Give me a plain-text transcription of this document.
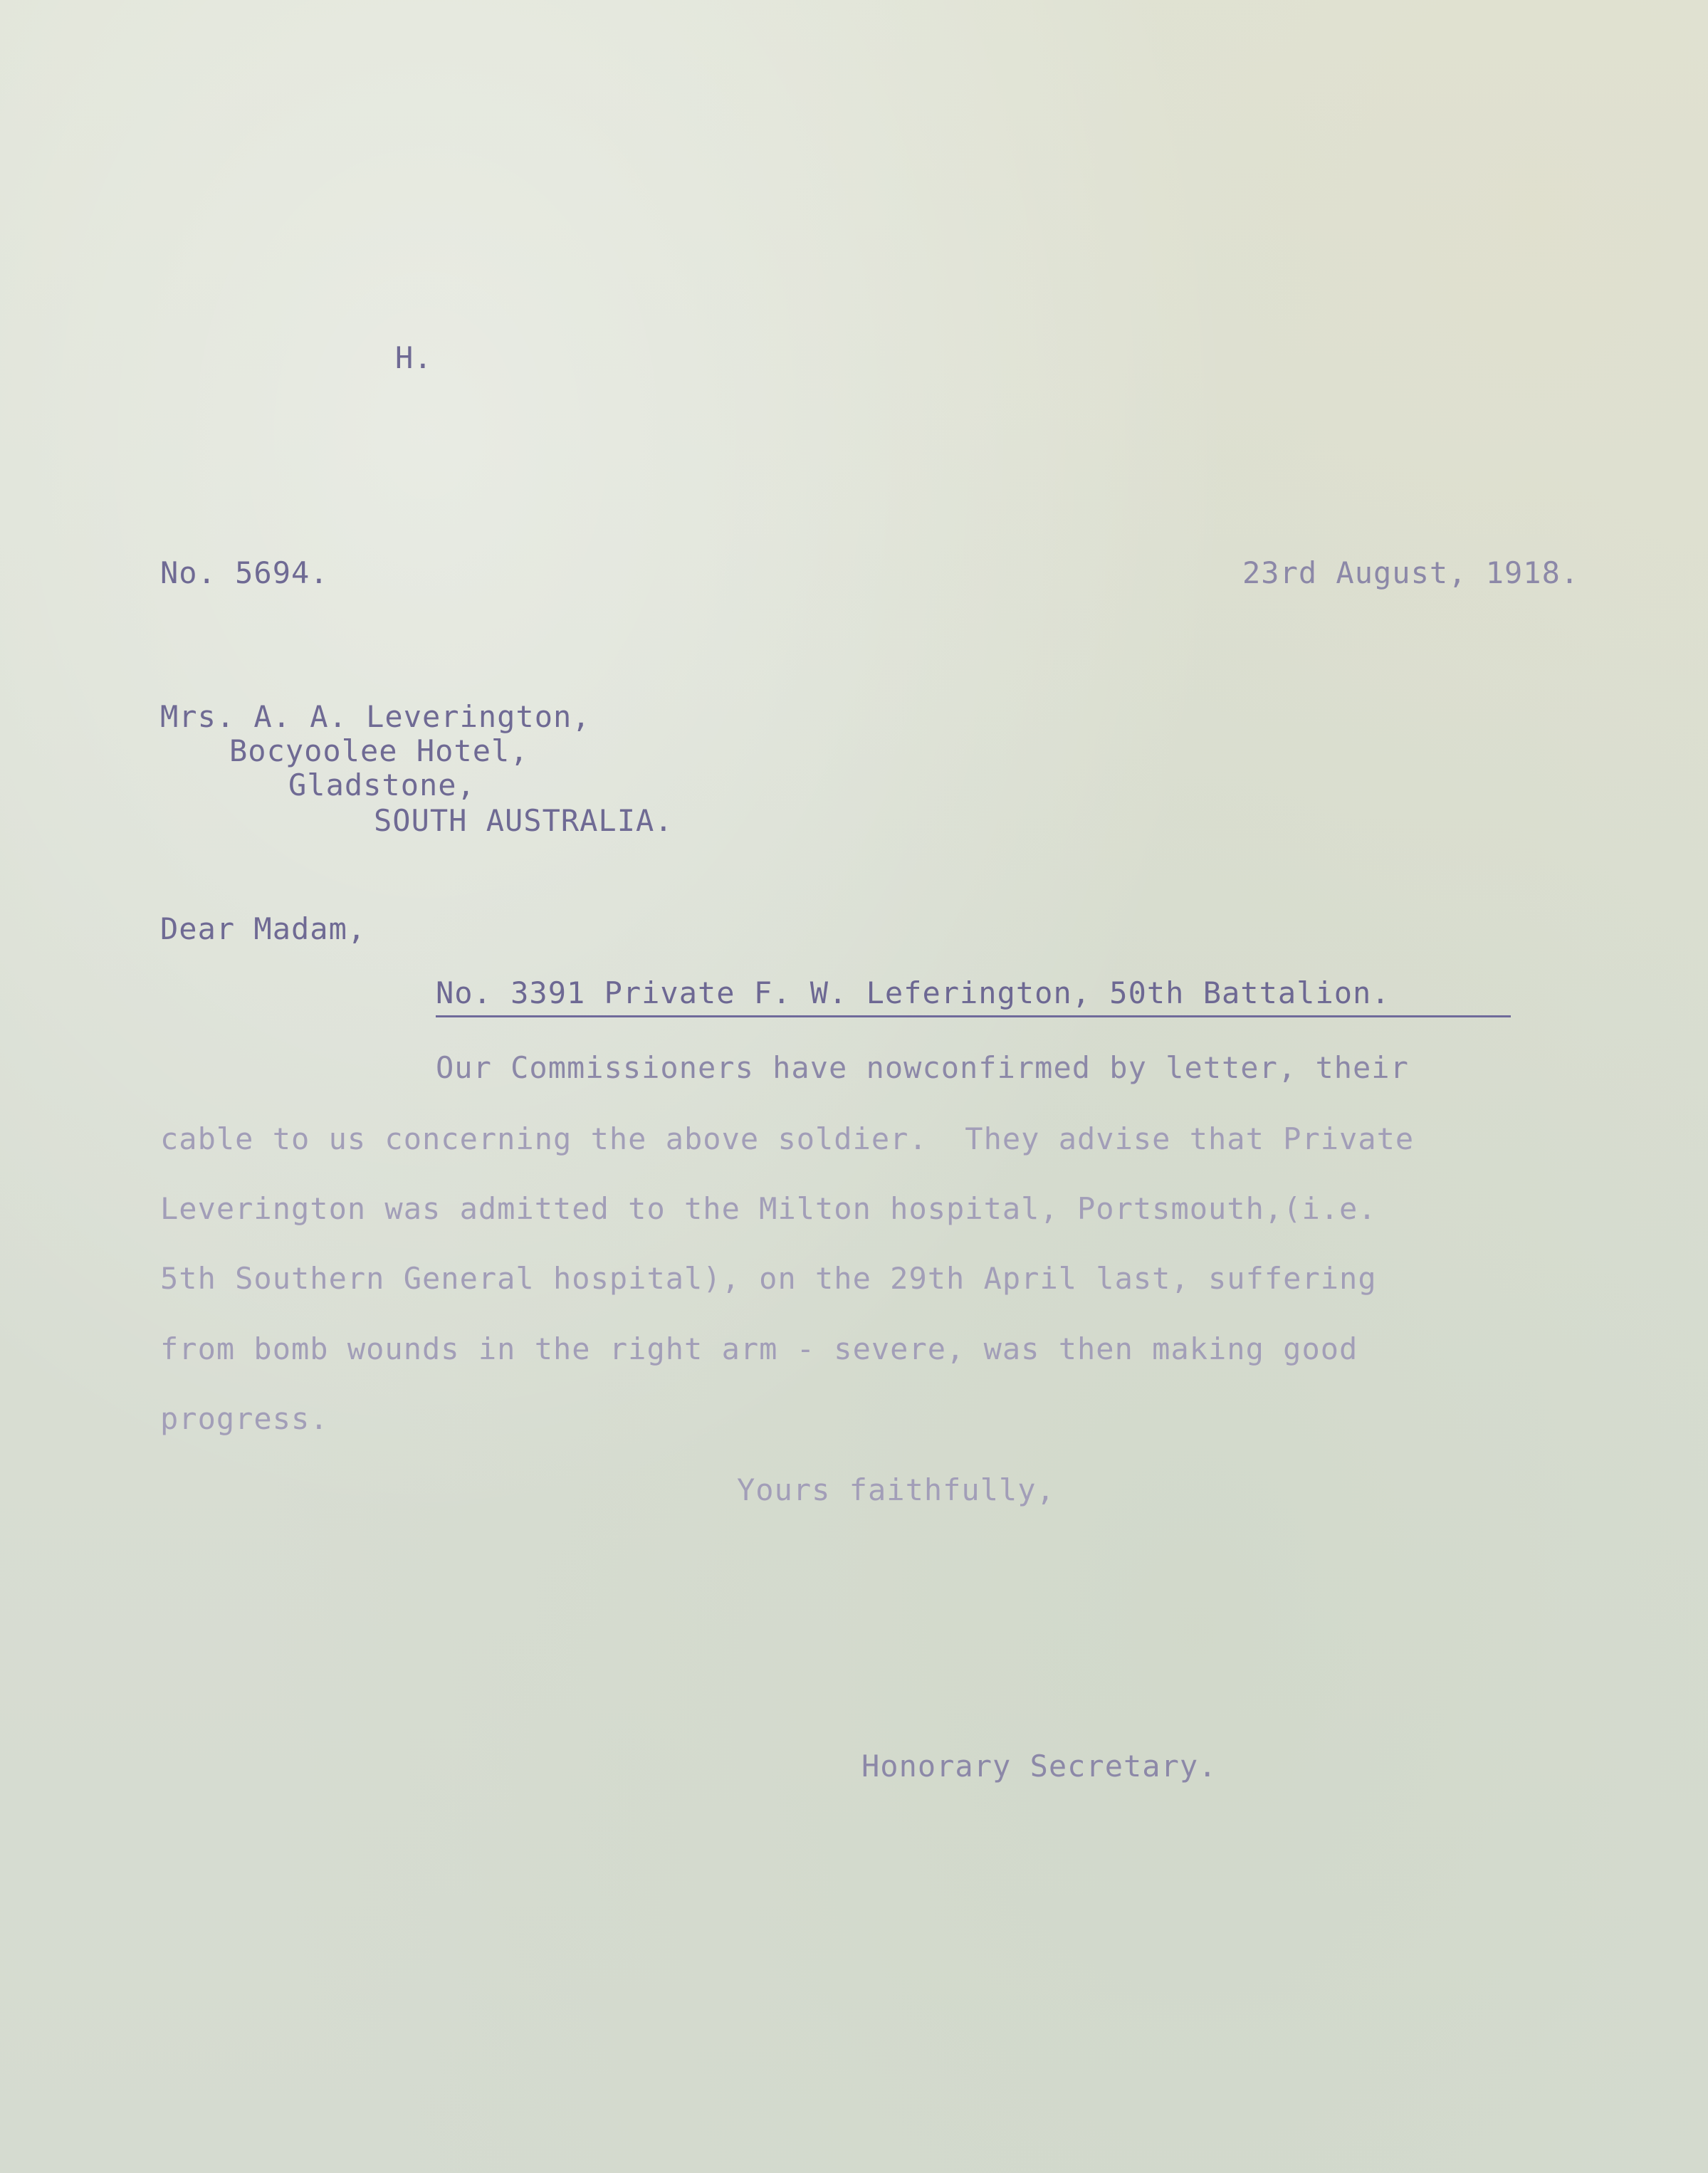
H.

No. 5694.	23rd August, 1918.

Mrs. A. A. Leverington,

Bocyoolee Hotel,

Gladstone,

SOUTH AUSTRALIA.

Dear Madam,

No. 3391 Private F. W. Leferington, 50th Battalion.

Our Commissioners have nowconfirmed by letter, their

cable to us concerning the above soldier.  They advise that Private

Leverington was admitted to the Milton hospital, Portsmouth,(i.e.

5th Southern General hospital), on the 29th April last, suffering

from bomb wounds in the right arm - severe, was then making good

progress.

Yours faithfully,

Honorary Secretary.
